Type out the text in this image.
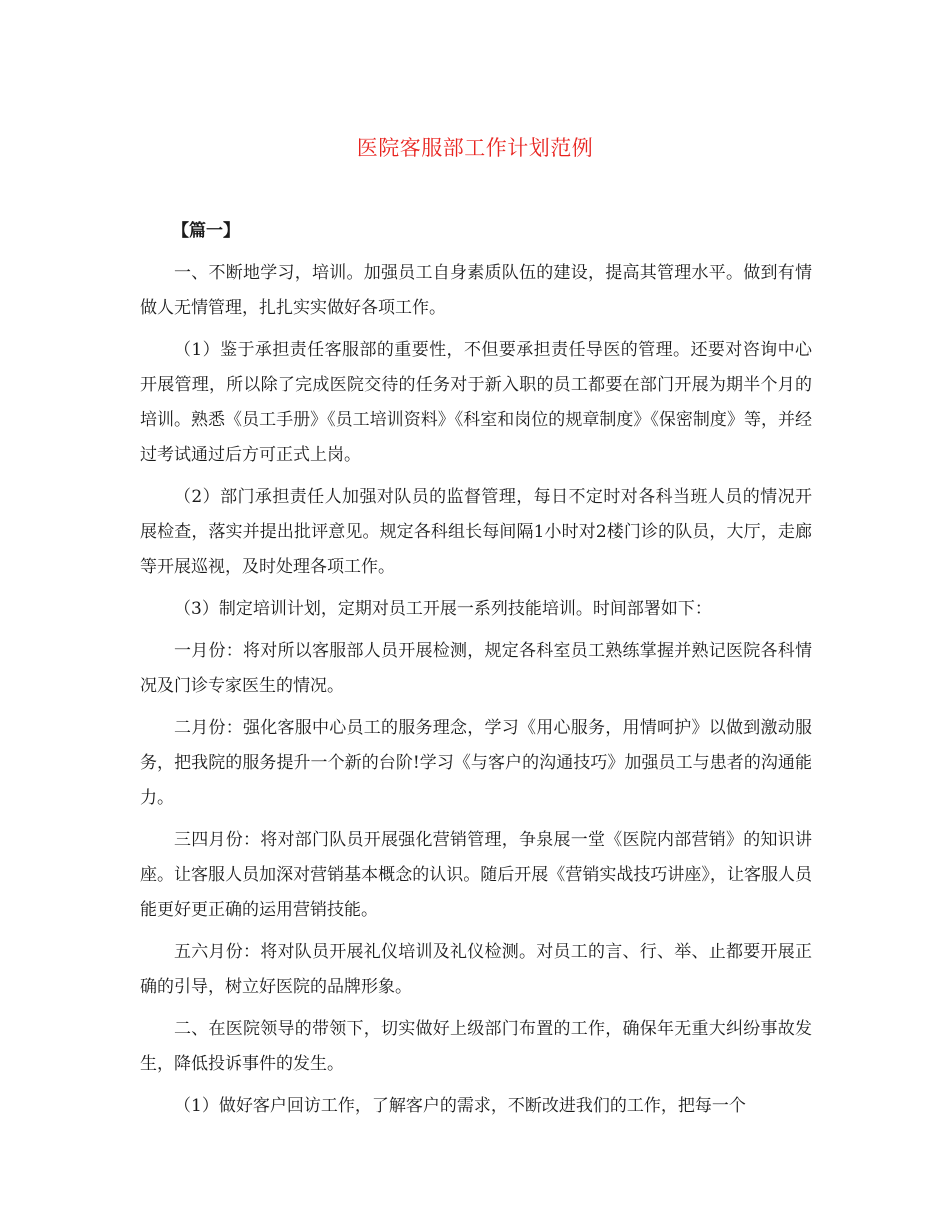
医院客服部工作计划范例
【篇一】

一、不断地学习，培训。加强员工自身素质队伍的建设，提高其管理水平。做到有情做人无情管理，扎扎实实做好各项工作。

（1）鉴于承担责任客服部的重要性，不但要承担责任导医的管理。还要对咨询中心开展管理，所以除了完成医院交待的任务对于新入职的员工都要在部门开展为期半个月的培训。熟悉《员工手册》《员工培训资料》《科室和岗位的规章制度》《保密制度》等，并经过考试通过后方可正式上岗。

（2）部门承担责任人加强对队员的监督管理，每日不定时对各科当班人员的情况开展检查，落实并提出批评意见。规定各科组长每间隔1小时对2楼门诊的队员，大厅，走廊等开展巡视，及时处理各项工作。

（3）制定培训计划，定期对员工开展一系列技能培训。时间部署如下：

一月份：将对所以客服部人员开展检测，规定各科室员工熟练掌握并熟记医院各科情况及门诊专家医生的情况。

二月份：强化客服中心员工的服务理念，学习《用心服务，用情呵护》以做到激动服务，把我院的服务提升一个新的台阶!学习《与客户的沟通技巧》加强员工与患者的沟通能力。

三四月份：将对部门队员开展强化营销管理，争泉展一堂《医院内部营销》的知识讲座。让客服人员加深对营销基本概念的认识。随后开展《营销实战技巧讲座》，让客服人员能更好更正确的运用营销技能。

五六月份：将对队员开展礼仪培训及礼仪检测。对员工的言、行、举、止都要开展正确的引导，树立好医院的品牌形象。

二、在医院领导的带领下，切实做好上级部门布置的工作，确保年无重大纠纷事故发生，降低投诉事件的发生。

（1）做好客户回访工作，了解客户的需求，不断改进我们的工作，把每一个
